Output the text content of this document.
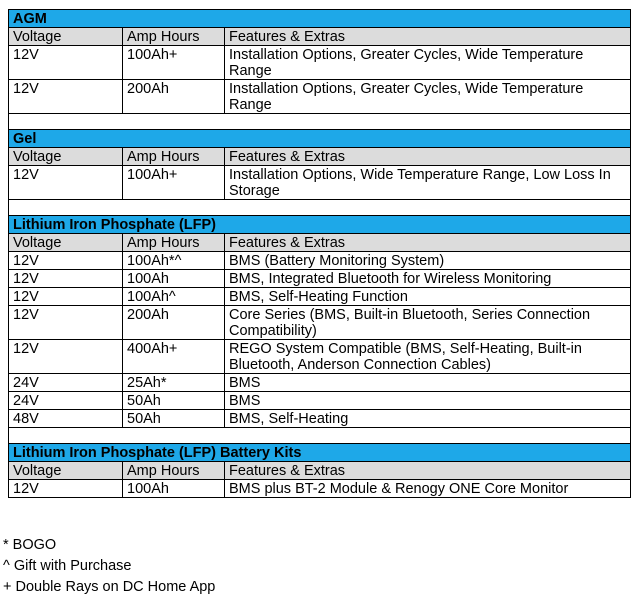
AGM		
Voltage	Amp Hours	Features & Extras
12V	100Ah+	Installation Options, Greater Cycles, Wide Temperature Range
12V	200Ah	Installation Options, Greater Cycles, Wide Temperature Range

Gel		
Voltage	Amp Hours	Features & Extras
12V	100Ah+	Installation Options, Wide Temperature Range, Low Loss In Storage

Lithium Iron Phosphate (LFP)		
Voltage	Amp Hours	Features & Extras
12V	100Ah*^	BMS (Battery Monitoring System)
12V	100Ah	BMS, Integrated Bluetooth for Wireless Monitoring
12V	100Ah^	BMS, Self-Heating Function
12V	200Ah	Core Series (BMS, Built-in Bluetooth, Series Connection Compatibility)
12V	400Ah+	REGO System Compatible (BMS, Self-Heating, Built-in Bluetooth, Anderson Connection Cables)
24V	25Ah*	BMS
24V	50Ah	BMS
48V	50Ah	BMS, Self-Heating

Lithium Iron Phosphate (LFP) Battery Kits		
Voltage	Amp Hours	Features & Extras
12V	100Ah	BMS plus BT-2 Module & Renogy ONE Core Monitor
* BOGO
^ Gift with Purchase
+ Double Rays on DC Home App
